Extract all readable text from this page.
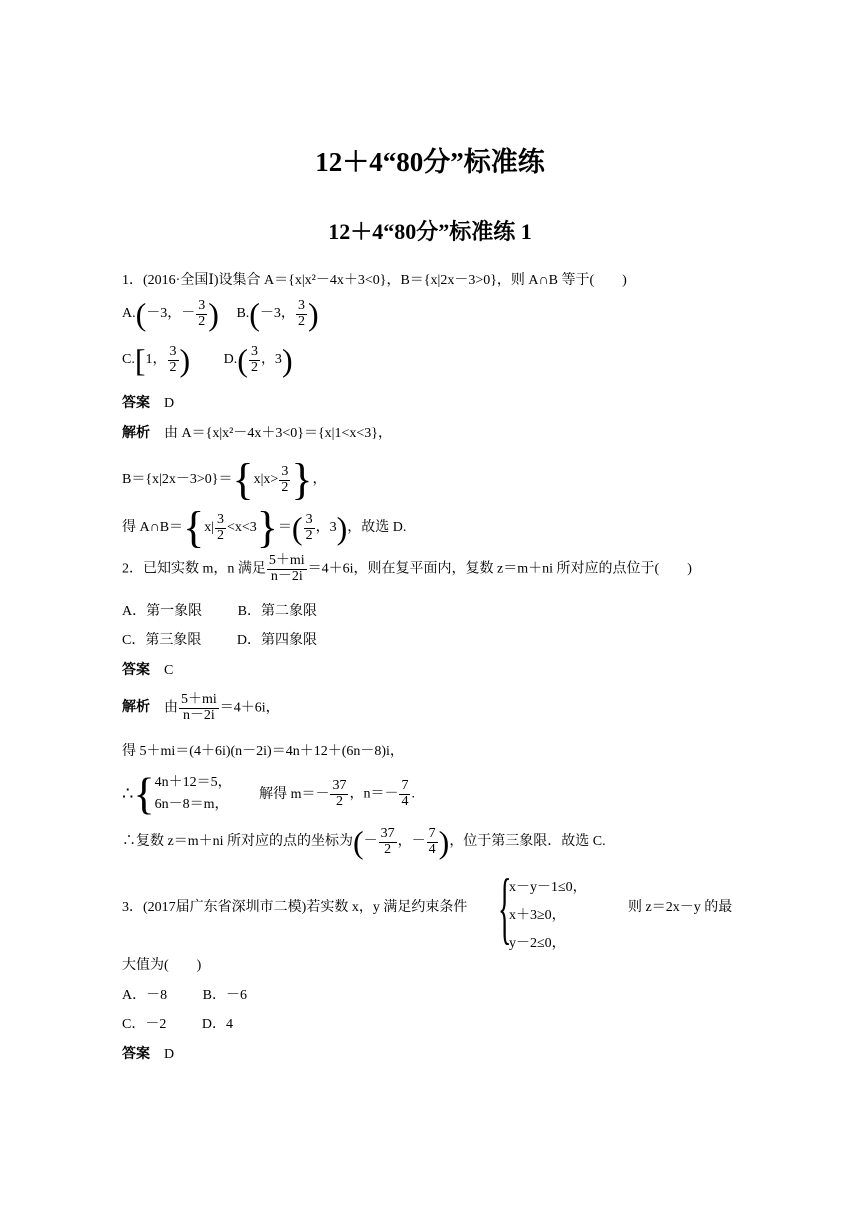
12＋4“80分”标准练
12＋4“80分”标准练 1
1．(2016·全国Ⅰ)设集合 A＝{x|x²－4x＋3<0}，B＝{x|2x－3>0}，则 A∩B 等于(　　)
A.(－3，－ $\frac{3}{2}$ ) B.(－3， $\frac{3}{2}$ )
C.[1， $\frac{3}{2}$ ) $D.( \frac{3}{2}$ ，3)
答案 D
解析 由 A＝{x|x²－4x＋3<0}＝{x|1<x<3}，
$B=\{x|2x-3>0\}=\{x|x> \frac{3}{2}$ }，
得 A∩B＝{x| $\frac{3}{2} <x<3\}=( \frac{3}{2}$ ，3)，故选 D.
2．已知实数 m，n 满足 $\frac{5+mi}{n-2i} =4+6i$，则在复平面内，复数 z＝m＋ni 所对应的点位于(　　)
A．第一象限	B．第二象限
C．第三象限	D．第四象限
答案 C
解析 由 $\frac{5+mi}{n-2i} =4+6i$，
得 5＋mi＝(4＋6i)(n－2i)＝4n＋12＋(6n－8)i，
∴{ 4n＋12＝5，
6n－8＝m，
解得 $m=- \frac{37}{2}$ ，$n=- \frac{7}{4}$ .
∴复数 z＝m＋ni 所对应的点的坐标为(－ $\frac{37}{2}$ ，－ $\frac{7}{4}$ )，位于第三象限．故选 C.
3．(2017届广东省深圳市二模)若实数 x，y 满足约束条件 {
x－y－1≤0，
x＋3≥0，
y－2≤0，
则 z＝2x－y 的最
大值为(　　)
A．－8	B．－6
C．－2	D．4
答案 D
